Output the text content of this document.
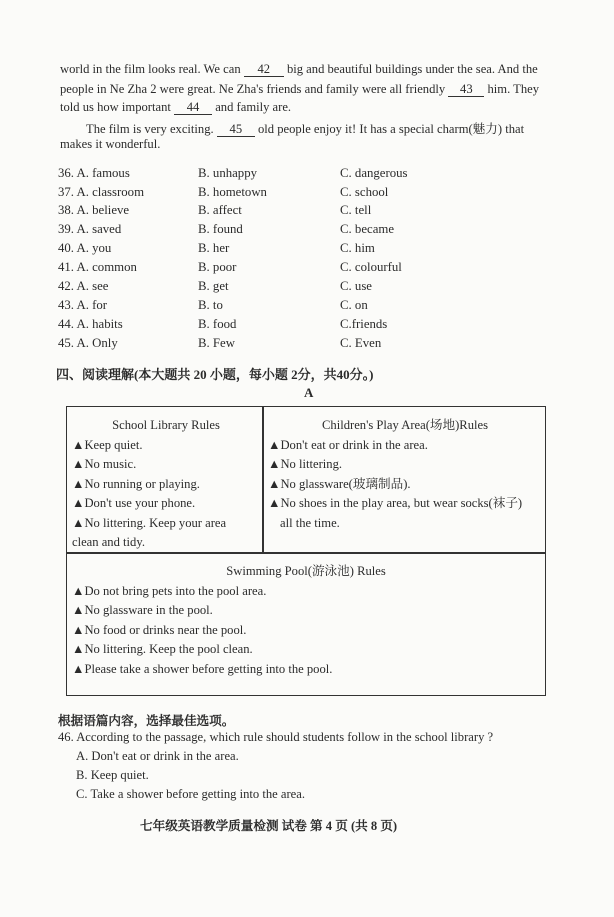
world in the film looks real. We can 42 big and beautiful buildings under the sea. And the
people in Ne Zha 2 were great. Ne Zha's friends and family were all friendly 43 him. They
told us how important 44 and family are.
The film is very exciting. 45 old people enjoy it! It has a special charm(魅力) that
makes it wonderful.
36. A. famous	B. unhappy	C. dangerous
37. A. classroom	B. hometown	C. school
38. A. believe	B. affect	C. tell
39. A. saved	B. found	C. became
40. A. you	B. her	C. him
41. A. common	B. poor	C. colourful
42. A. see	B. get	C. use
43. A. for	B. to	C. on
44. A. habits	B. food	C.friends
45. A. Only	B. Few	C. Even
四、阅读理解(本大题共 20 小题，每小题 2分，共40分。)
A
School Library Rules
▲Keep quiet.
▲No music.
▲No running or playing.
▲Don't use your phone.
▲No littering. Keep your area
clean and tidy.
Children's Play Area(场地)Rules
▲Don't eat or drink in the area.
▲No littering.
▲No glassware(玻璃制品).
▲No shoes in the play area, but wear socks(袜子)
all the time.
Swimming Pool(游泳池) Rules
▲Do not bring pets into the pool area.
▲No glassware in the pool.
▲No food or drinks near the pool.
▲No littering. Keep the pool clean.
▲Please take a shower before getting into the pool.
根据语篇内容，选择最佳选项。
46. According to the passage, which rule should students follow in the school library ?
A. Don't eat or drink in the area.
B. Keep quiet.
C. Take a shower before getting into the area.
七年级英语教学质量检测 试卷 第 4 页 (共 8 页)
